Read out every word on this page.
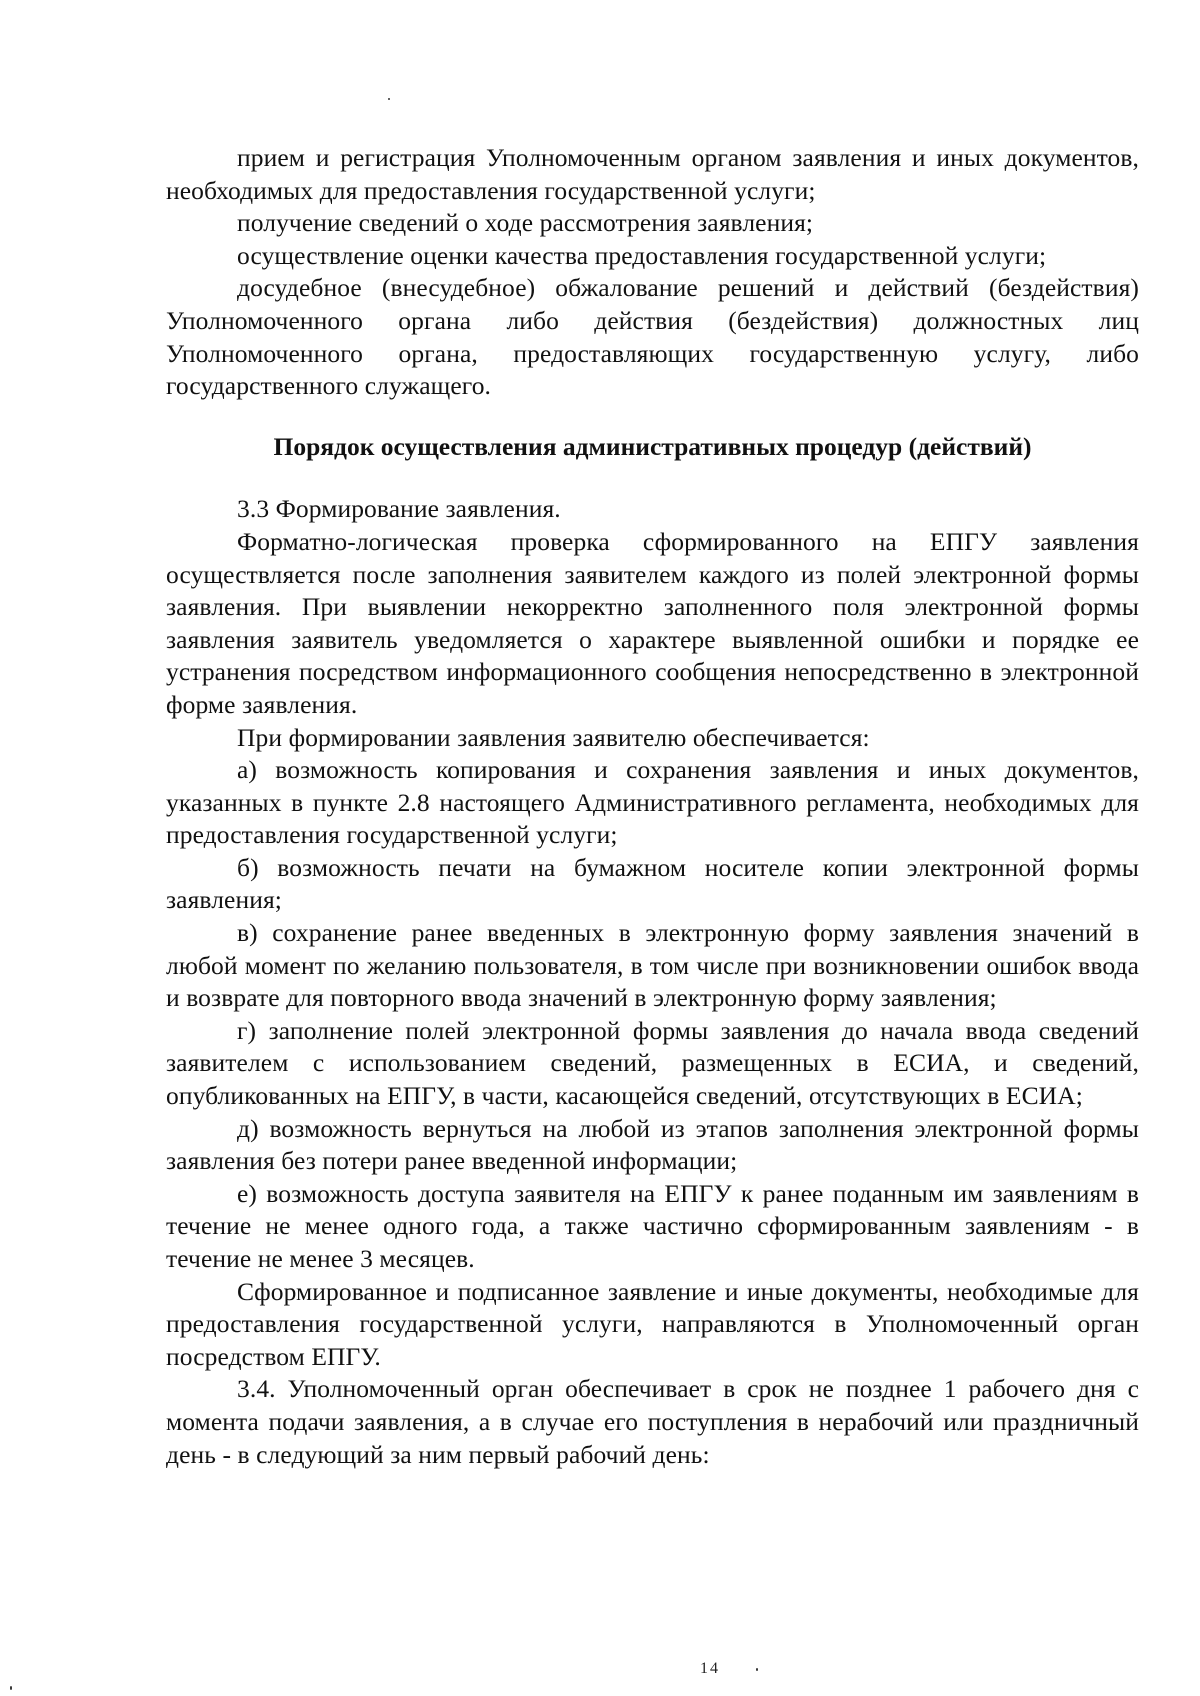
прием и регистрация Уполномоченным органом заявления и иных документов, необходимых для предоставления государственной услуги;

получение сведений о ходе рассмотрения заявления;

осуществление оценки качества предоставления государственной услуги;

досудебное (внесудебное) обжалование решений и действий (бездействия) Уполномоченного органа либо действия (бездействия) должностных лиц Уполномоченного органа, предоставляющих государственную услугу, либо государственного служащего.

Порядок осуществления административных процедур (действий)

3.3 Формирование заявления.

Форматно-логическая проверка сформированного на ЕПГУ заявления осуществляется после заполнения заявителем каждого из полей электронной формы заявления. При выявлении некорректно заполненного поля электронной формы заявления заявитель уведомляется о характере выявленной ошибки и порядке ее устранения посредством информационного сообщения непосредственно в электронной форме заявления.

При формировании заявления заявителю обеспечивается:

а) возможность копирования и сохранения заявления и иных документов, указанных в пункте 2.8 настоящего Административного регламента, необходимых для предоставления государственной услуги;

б) возможность печати на бумажном носителе копии электронной формы заявления;

в) сохранение ранее введенных в электронную форму заявления значений в любой момент по желанию пользователя, в том числе при возникновении ошибок ввода и возврате для повторного ввода значений в электронную форму заявления;

г) заполнение полей электронной формы заявления до начала ввода сведений заявителем с использованием сведений, размещенных в ЕСИА, и сведений, опубликованных на ЕПГУ, в части, касающейся сведений, отсутствующих в ЕСИА;

д) возможность вернуться на любой из этапов заполнения электронной формы заявления без потери ранее введенной информации;

е) возможность доступа заявителя на ЕПГУ к ранее поданным им заявлениям в течение не менее одного года, а также частично сформированным заявлениям - в течение не менее 3 месяцев.

Сформированное и подписанное заявление и иные документы, необходимые для предоставления государственной услуги, направляются в Уполномоченный орган посредством ЕПГУ.

3.4. Уполномоченный орган обеспечивает в срок не позднее 1 рабочего дня с момента подачи заявления, а в случае его поступления в нерабочий или праздничный день - в следующий за ним первый рабочий день:

14
